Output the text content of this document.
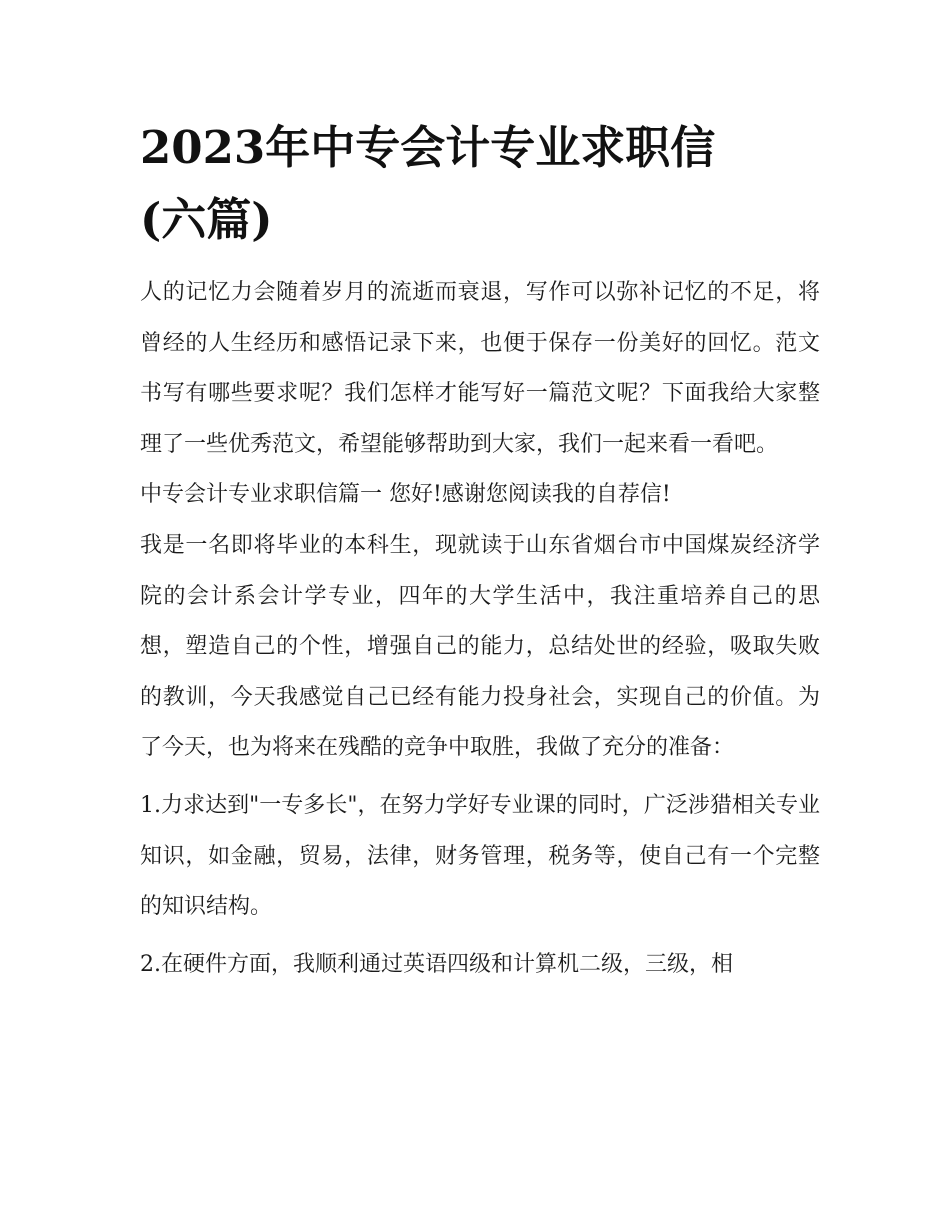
2023年中专会计专业求职信
(六篇)

人的记忆力会随着岁月的流逝而衰退，写作可以弥补记忆的不足，将曾经的人生经历和感悟记录下来，也便于保存一份美好的回忆。范文书写有哪些要求呢？我们怎样才能写好一篇范文呢？下面我给大家整理了一些优秀范文，希望能够帮助到大家，我们一起来看一看吧。

中专会计专业求职信篇一 您好!感谢您阅读我的自荐信!

我是一名即将毕业的本科生，现就读于山东省烟台市中国煤炭经济学院的会计系会计学专业，四年的大学生活中，我注重培养自己的思想，塑造自己的个性，增强自己的能力，总结处世的经验，吸取失败的教训，今天我感觉自己已经有能力投身社会，实现自己的价值。为了今天，也为将来在残酷的竞争中取胜，我做了充分的准备：

1.力求达到"一专多长"，在努力学好专业课的同时，广泛涉猎相关专业知识，如金融，贸易，法律，财务管理，税务等，使自己有一个完整的知识结构。

2.在硬件方面，我顺利通过英语四级和计算机二级，三级，相
